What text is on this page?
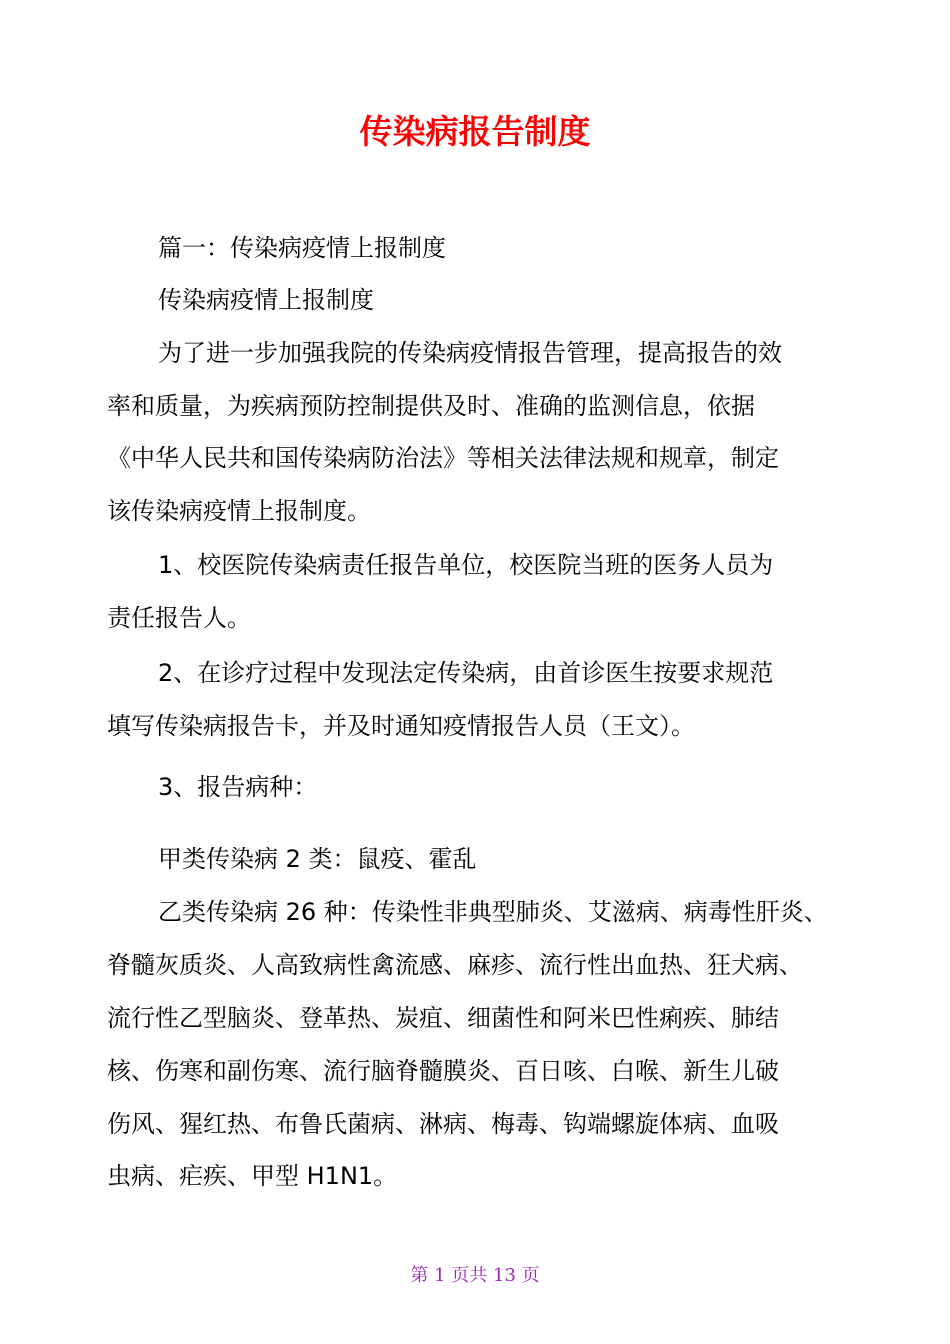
传染病报告制度

篇一：传染病疫情上报制度

传染病疫情上报制度

为了进一步加强我院的传染病疫情报告管理，提高报告的效

率和质量，为疾病预防控制提供及时、准确的监测信息，依据

《中华人民共和国传染病防治法》等相关法律法规和规章，制定

该传染病疫情上报制度。

1、校医院传染病责任报告单位，校医院当班的医务人员为

责任报告人。

2、在诊疗过程中发现法定传染病，由首诊医生按要求规范

填写传染病报告卡，并及时通知疫情报告人员（王文）。

3、报告病种：

甲类传染病 2 类：鼠疫、霍乱

乙类传染病 26 种：传染性非典型肺炎、艾滋病、病毒性肝炎、

脊髓灰质炎、人高致病性禽流感、麻疹、流行性出血热、狂犬病、

流行性乙型脑炎、登革热、炭疽、细菌性和阿米巴性痢疾、肺结

核、伤寒和副伤寒、流行脑脊髓膜炎、百日咳、白喉、新生儿破

伤风、猩红热、布鲁氏菌病、淋病、梅毒、钩端螺旋体病、血吸

虫病、疟疾、甲型 H1N1。

第 1 页共 13 页
